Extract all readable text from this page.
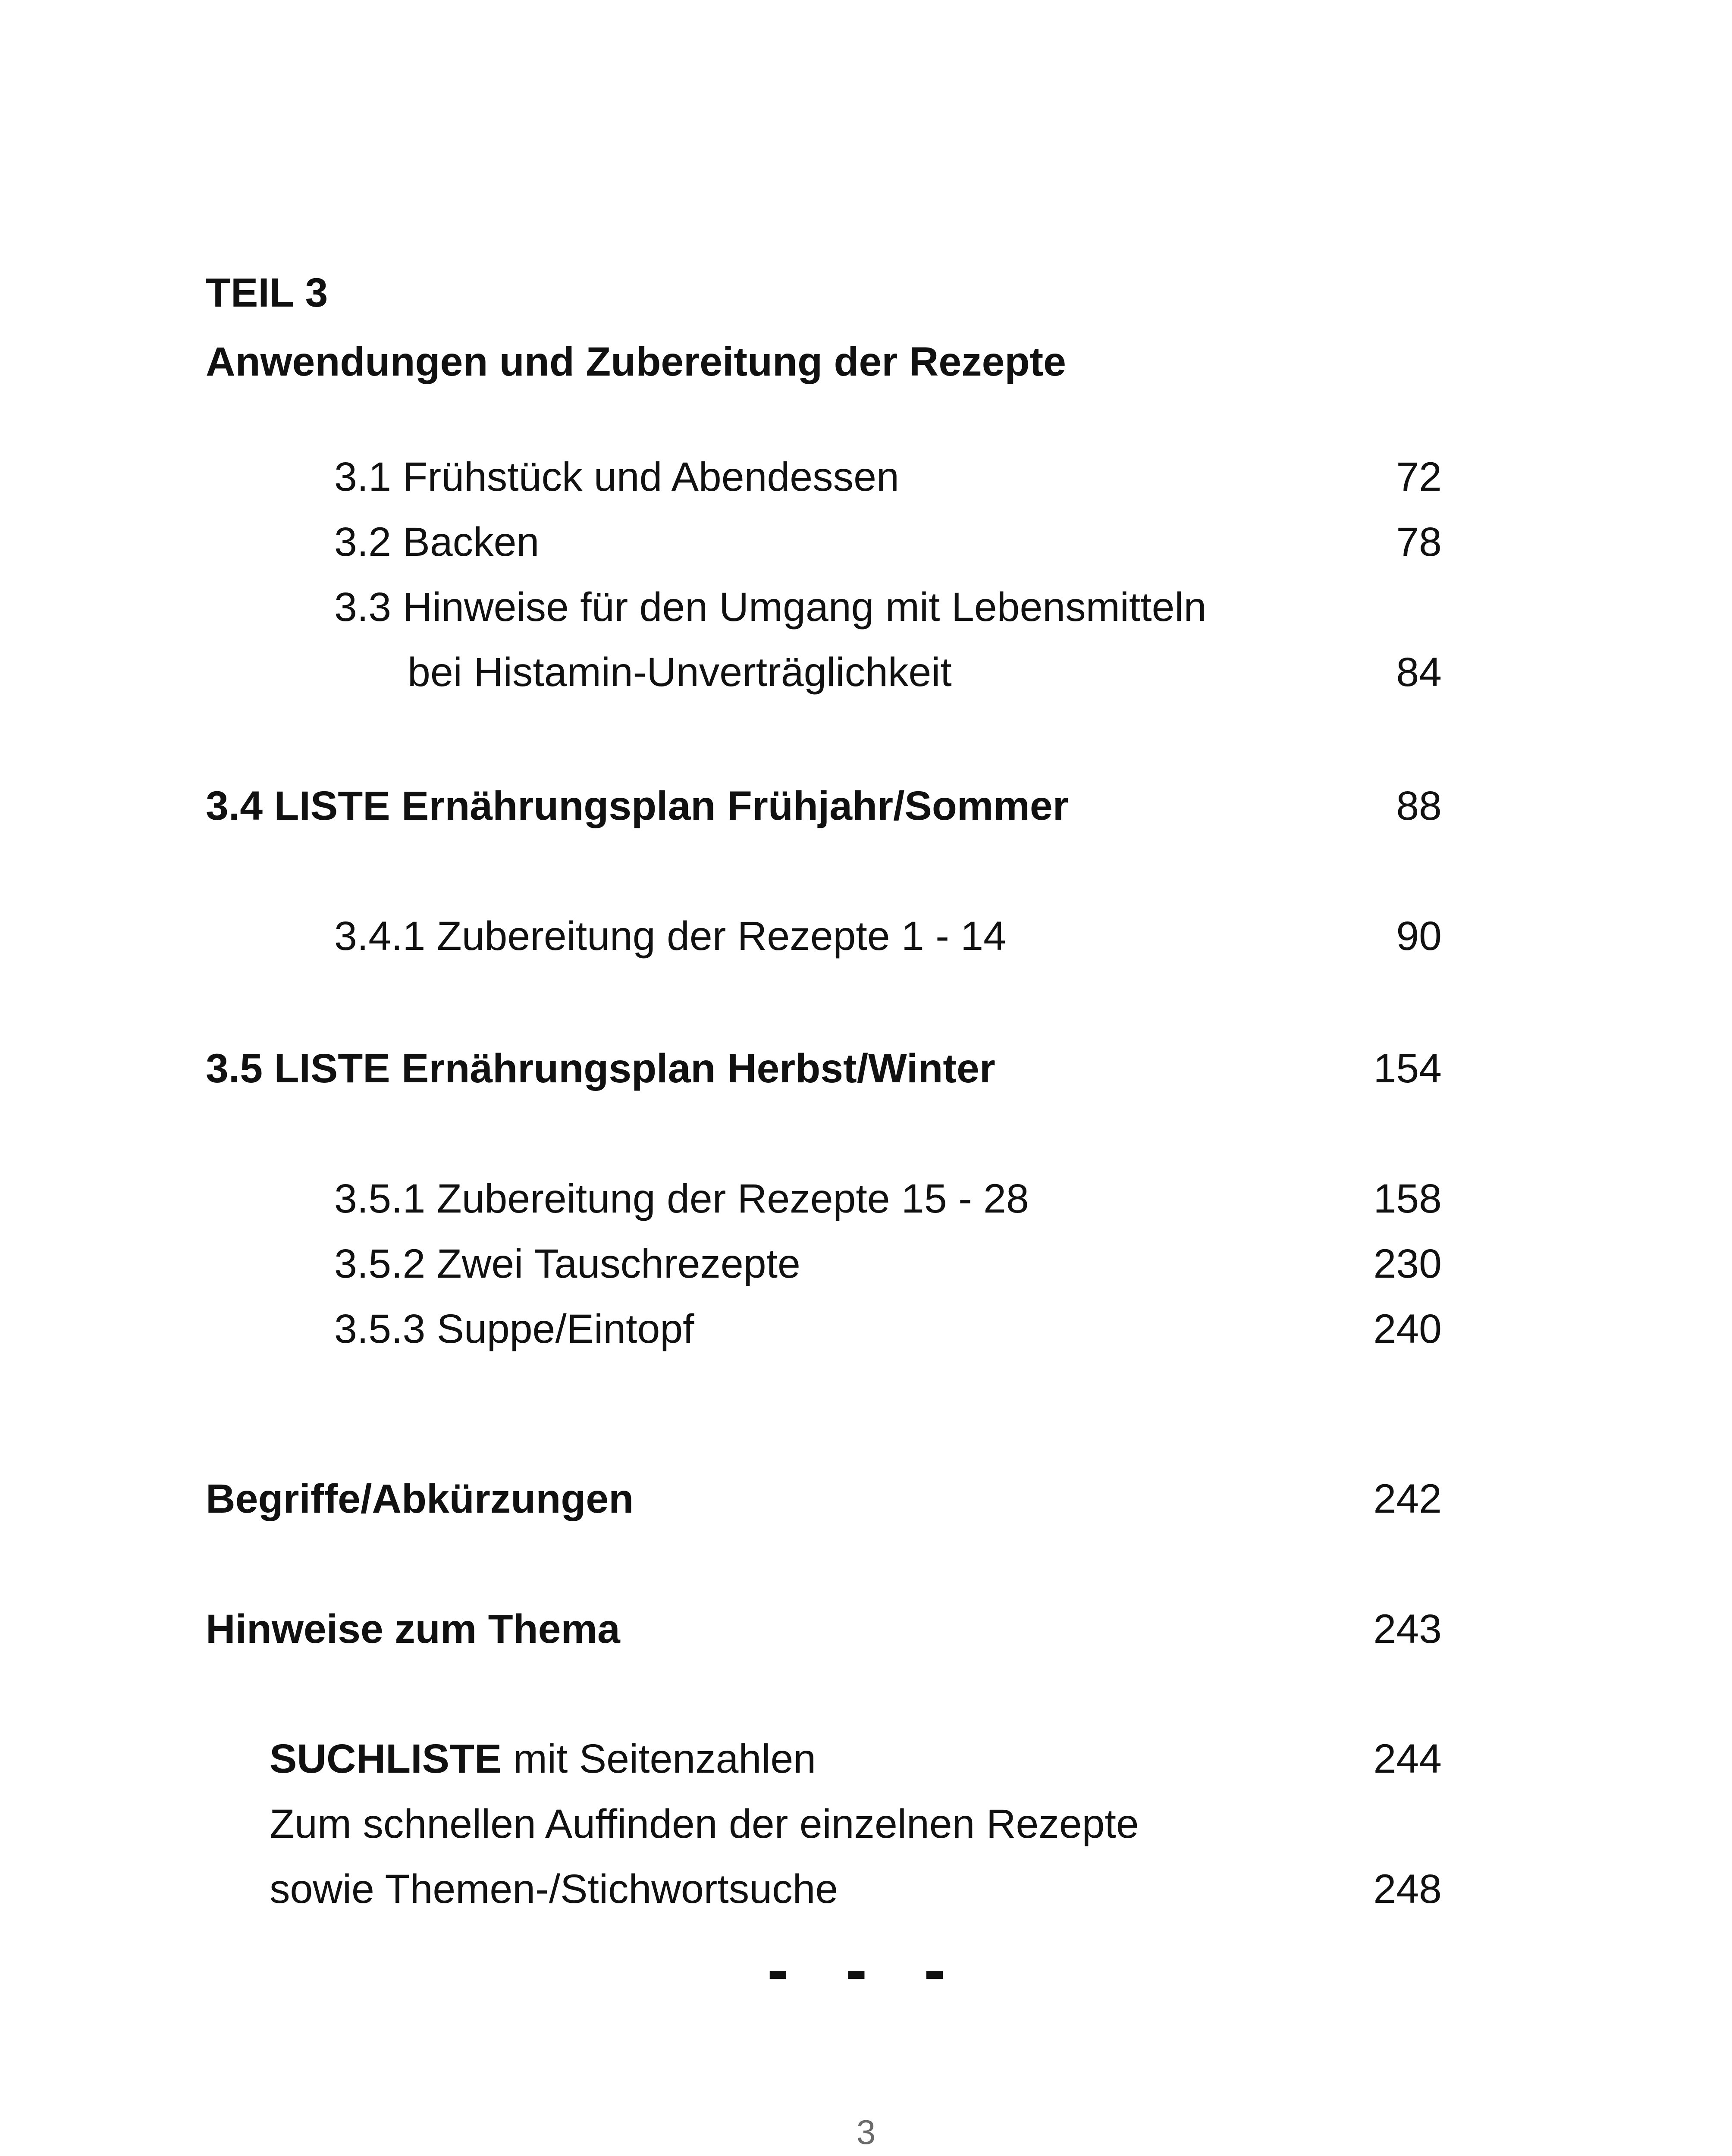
TEIL 3
Anwendungen und Zubereitung der Rezepte
3.1 Frühstück und Abendessen	72
3.2 Backen	78
3.3 Hinweise für den Umgang mit Lebensmitteln
bei Histamin-Unverträglichkeit	84
3.4 LISTE Ernährungsplan Frühjahr/Sommer	88
3.4.1 Zubereitung der Rezepte 1 - 14	90
3.5 LISTE Ernährungsplan Herbst/Winter	154
3.5.1 Zubereitung der Rezepte 15 - 28	158
3.5.2 Zwei Tauschrezepte	230
3.5.3 Suppe/Eintopf	240
Begriffe/Abkürzungen	242
Hinweise zum Thema	243
SUCHLISTE mit Seitenzahlen	244
Zum schnellen Auffinden der einzelnen Rezepte
sowie Themen-/Stichwortsuche	248
- - -
3
